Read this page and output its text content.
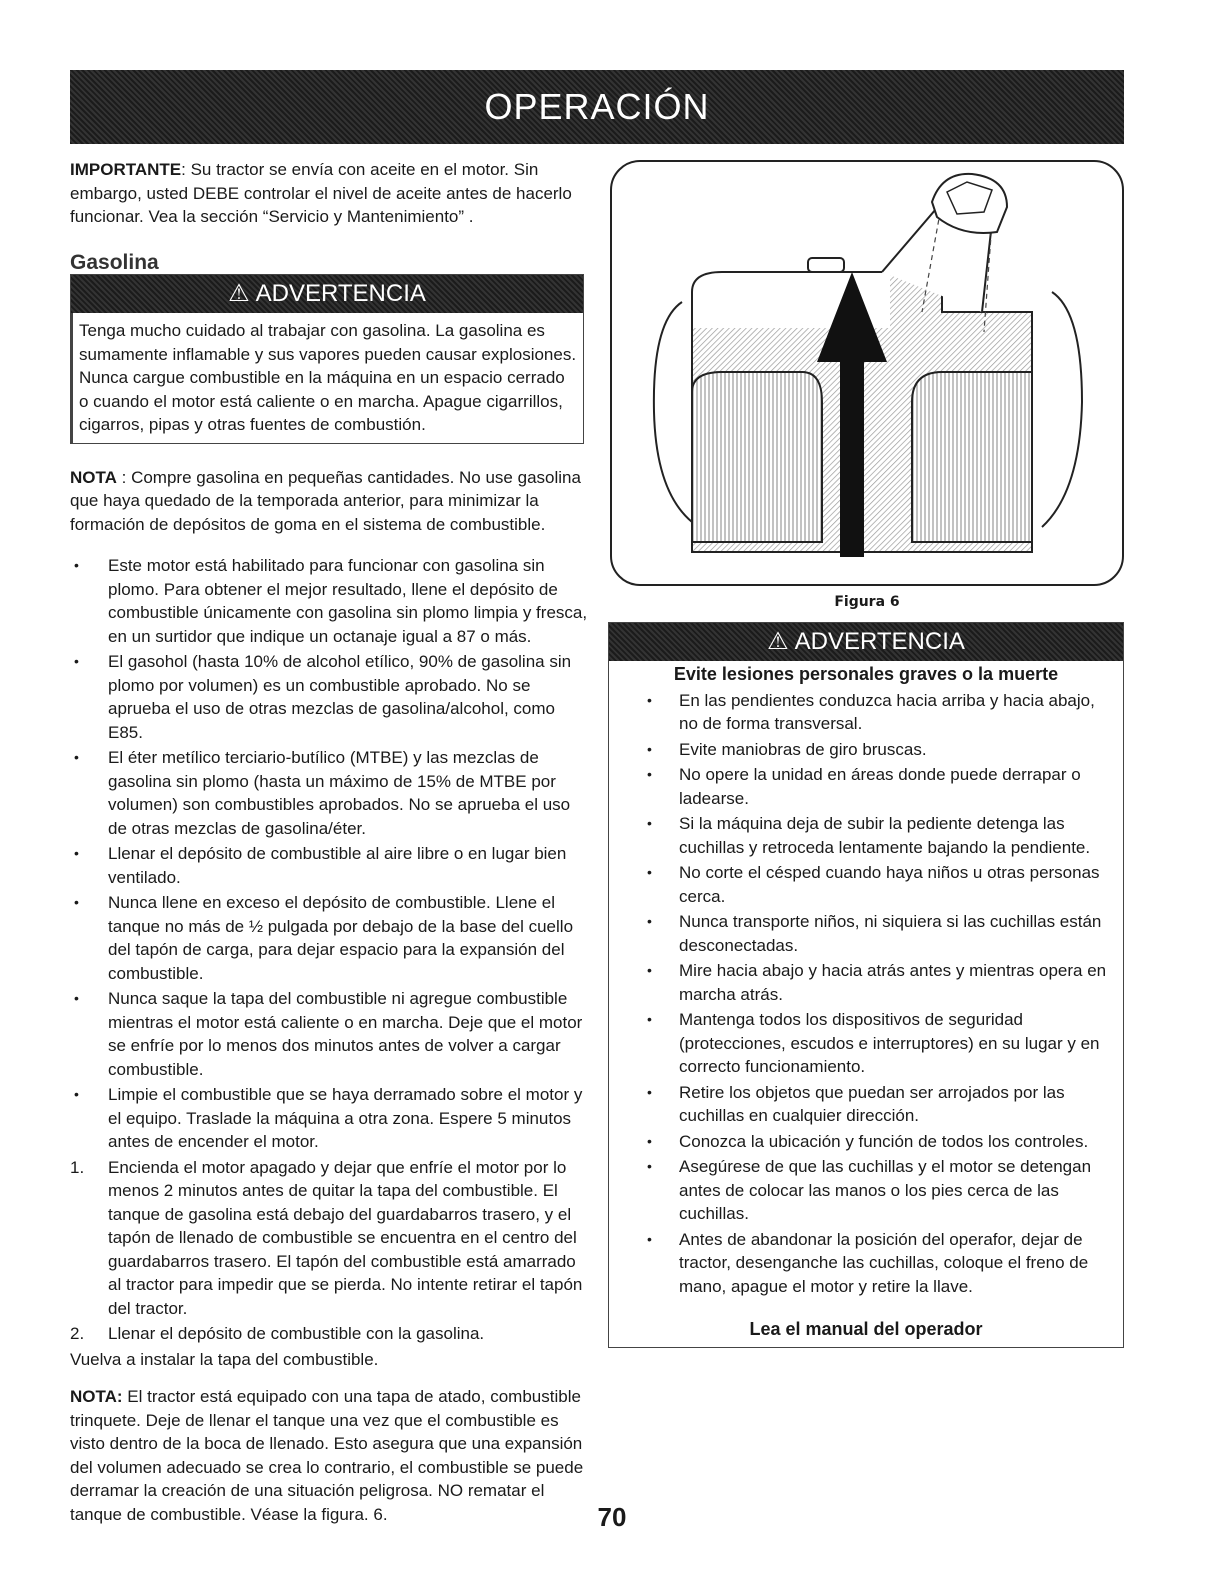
OPERACIÓN

IMPORTANTE: Su tractor se envía con aceite en el motor. Sin embargo, usted DEBE controlar el nivel de aceite antes de hacerlo funcionar. Vea la sección “Servicio y Mantenimiento” .

Gasolina

⚠ ADVERTENCIA
Tenga mucho cuidado al trabajar con gasolina. La gasolina es sumamente inflamable y sus vapores pueden causar explosiones. Nunca cargue combustible en la máquina en un espacio cerrado o cuando el motor está caliente o en marcha. Apague cigarrillos, cigarros, pipas y otras fuentes de combustión.

NOTA : Compre gasolina en pequeñas cantidades. No use gasolina que haya quedado de la temporada anterior, para minimizar la formación de depósitos de goma en el sistema de combustible.

• Este motor está habilitado para funcionar con gasolina sin plomo. Para obtener el mejor resultado, llene el depósito de combustible únicamente con gasolina sin plomo limpia y fresca, en un surtidor que indique un octanaje igual a 87 o más.
• El gasohol (hasta 10% de alcohol etílico, 90% de gasolina sin plomo por volumen) es un combustible aprobado. No se aprueba el uso de otras mezclas de gasolina/alcohol, como E85.
• El éter metílico terciario-butílico (MTBE) y las mezclas de gasolina sin plomo (hasta un máximo de 15% de MTBE por volumen) son combustibles aprobados. No se aprueba el uso de otras mezclas de gasolina/éter.
• Llenar el depósito de combustible al aire libre o en lugar bien ventilado.
• Nunca llene en exceso el depósito de combustible. Llene el tanque no más de ½ pulgada por debajo de la base del cuello del tapón de carga, para dejar espacio para la expansión del combustible.
• Nunca saque la tapa del combustible ni agregue combustible mientras el motor está caliente o en marcha. Deje que el motor se enfríe por lo menos dos minutos antes de volver a cargar combustible.
• Limpie el combustible que se haya derramado sobre el motor y el equipo. Traslade la máquina a otra zona. Espere 5 minutos antes de encender el motor.
1. Encienda el motor apagado y dejar que enfríe el motor por lo menos 2 minutos antes de quitar la tapa del combustible. El tanque de gasolina está debajo del guardabarros trasero, y el tapón de llenado de combustible se encuentra en el centro del guardabarros trasero. El tapón del combustible está amarrado al tractor para impedir que se pierda. No intente retirar el tapón del tractor.
2. Llenar el depósito de combustible con la gasolina.

Vuelva a instalar la tapa del combustible.

NOTA: El tractor está equipado con una tapa de atado, combustible trinquete. Deje de llenar el tanque una vez que el combustible es visto dentro de la boca de llenado. Esto asegura que una expansión del volumen adecuado se crea lo contrario, el combustible se puede derramar la creación de una situación peligrosa. NO rematar el tanque de combustible. Véase la figura. 6.

Figura 6
⚠ ADVERTENCIA
Evite lesiones personales graves o la muerte
• En las pendientes conduzca hacia arriba y hacia abajo, no de forma transversal.
• Evite maniobras de giro bruscas.
• No opere la unidad en áreas donde puede derrapar o ladearse.
• Si la máquina deja de subir la pediente detenga las cuchillas y retroceda lentamente bajando la pendiente.
• No corte el césped cuando haya niños u otras personas cerca.
• Nunca transporte niños, ni siquiera si las cuchillas están desconectadas.
• Mire hacia abajo y hacia atrás antes y mientras opera en marcha atrás.
• Mantenga todos los dispositivos de seguridad (protecciones, escudos e interruptores) en su lugar y en correcto funcionamiento.
• Retire los objetos que puedan ser arrojados por las cuchillas en cualquier dirección.
• Conozca la ubicación y función de todos los controles.
• Asegúrese de que las cuchillas y el motor se detengan antes de colocar las manos o los pies cerca de las cuchillas.
• Antes de abandonar la posición del operafor, dejar de tractor, desenganche las cuchillas, coloque el freno de mano, apague el motor y retire la llave.
Lea el manual del operador
70
